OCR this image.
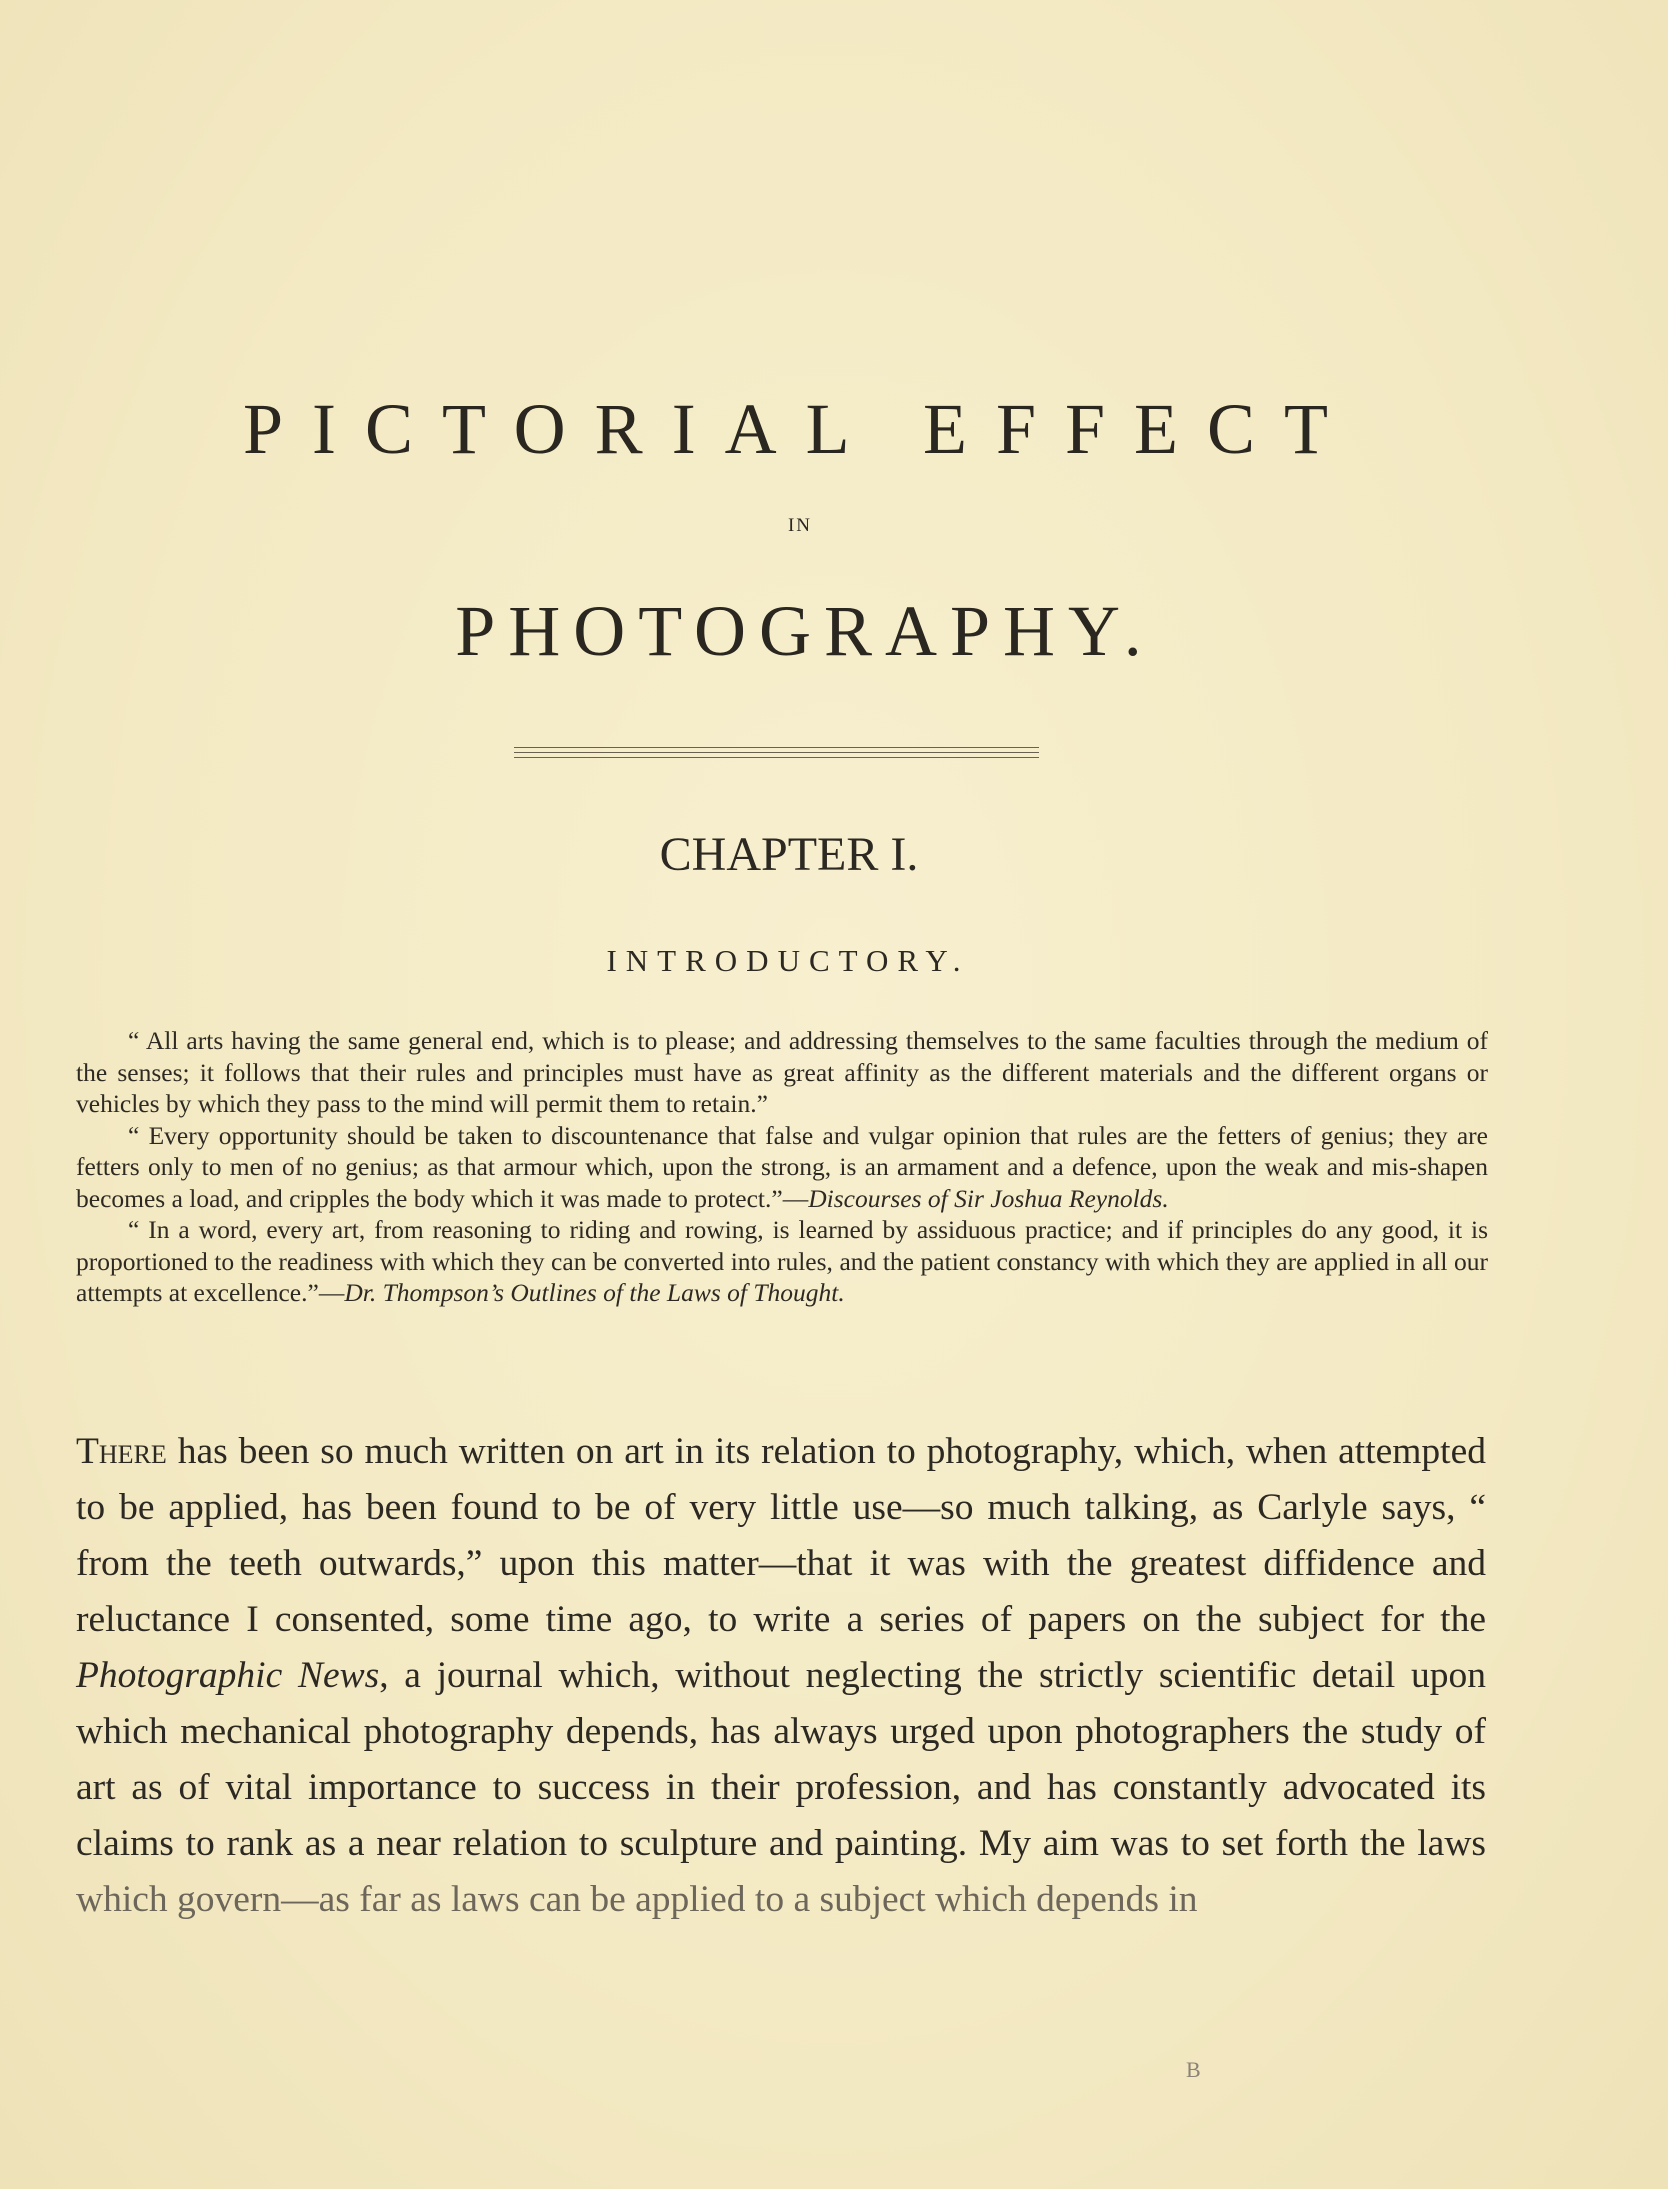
PICTORIAL EFFECT
IN
PHOTOGRAPHY.
CHAPTER I.
INTRODUCTORY.

“ All arts having the same general end, which is to please; and addressing themselves to the same faculties through the medium of the senses; it follows that their rules and principles must have as great affinity as the different materials and the different organs or vehicles by which they pass to the mind will permit them to retain.”

“ Every opportunity should be taken to discountenance that false and vulgar opinion that rules are the fetters of genius; they are fetters only to men of no genius; as that armour which, upon the strong, is an armament and a defence, upon the weak and mis-shapen becomes a load, and cripples the body which it was made to protect.”—Discourses of Sir Joshua Reynolds.

“ In a word, every art, from reasoning to riding and rowing, is learned by assiduous practice; and if principles do any good, it is proportioned to the readiness with which they can be converted into rules, and the patient constancy with which they are applied in all our attempts at excellence.”—Dr. Thompson’s Outlines of the Laws of Thought.

There has been so much written on art in its relation to photography, which, when attempted to be applied, has been found to be of very little use—so much talking, as Carlyle says, “ from the teeth outwards,” upon this matter—that it was with the greatest diffidence and reluctance I consented, some time ago, to write a series of papers on the subject for the Photographic News, a journal which, without neglecting the strictly scientific detail upon which mechanical photography depends, has always urged upon photographers the study of art as of vital importance to success in their profession, and has constantly advocated its claims to rank as a near relation to sculpture and painting. My aim was to set forth the laws which govern—as far as laws can be applied to a subject which depends in

B
